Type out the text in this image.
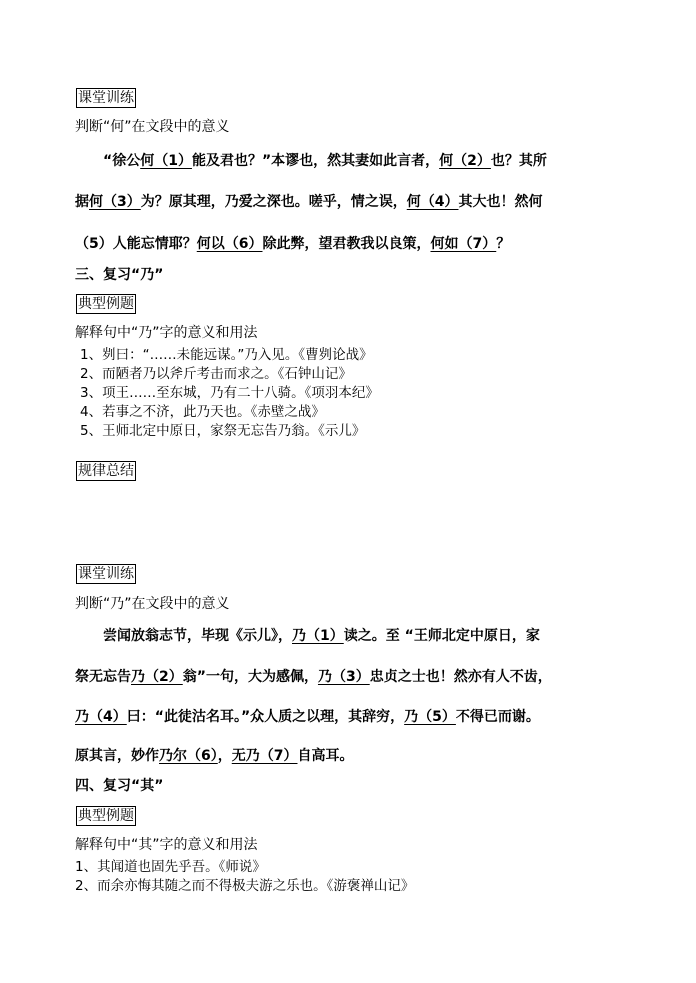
课堂训练
判断“何”在文段中的意义
　　“徐公何（1）能及君也？”本谬也，然其妻如此言者，何（2）也？其所
据何（3）为？原其理，乃爱之深也。嗟乎，情之误，何（4）其大也！然何
（5）人能忘情耶？何以（6）除此弊，望君教我以良策，何如（7）？
三、复习“乃”
典型例题
解释句中“乃”字的意义和用法
1、刿曰：“……未能远谋。”乃入见。《曹刿论战》
2、而陋者乃以斧斤考击而求之。《石钟山记》
3、项王……至东城，乃有二十八骑。《项羽本纪》
4、若事之不济，此乃天也。《赤壁之战》
5、王师北定中原日，家祭无忘告乃翁。《示儿》
规律总结
课堂训练
判断“乃”在文段中的意义
　　尝闻放翁志节，毕现《示儿》，乃（1）读之。至 “王师北定中原日，家
祭无忘告乃（2）翁”一句，大为感佩，乃（3）忠贞之士也！然亦有人不齿，
乃（4）曰：“此徒沽名耳。”众人质之以理，其辞穷，乃（5）不得已而谢。
原其言，妙作乃尔（6），无乃（7）自高耳。
四、复习“其”
典型例题
解释句中“其”字的意义和用法
1、其闻道也固先乎吾。《师说》
2、而余亦悔其随之而不得极夫游之乐也。《游褒禅山记》
